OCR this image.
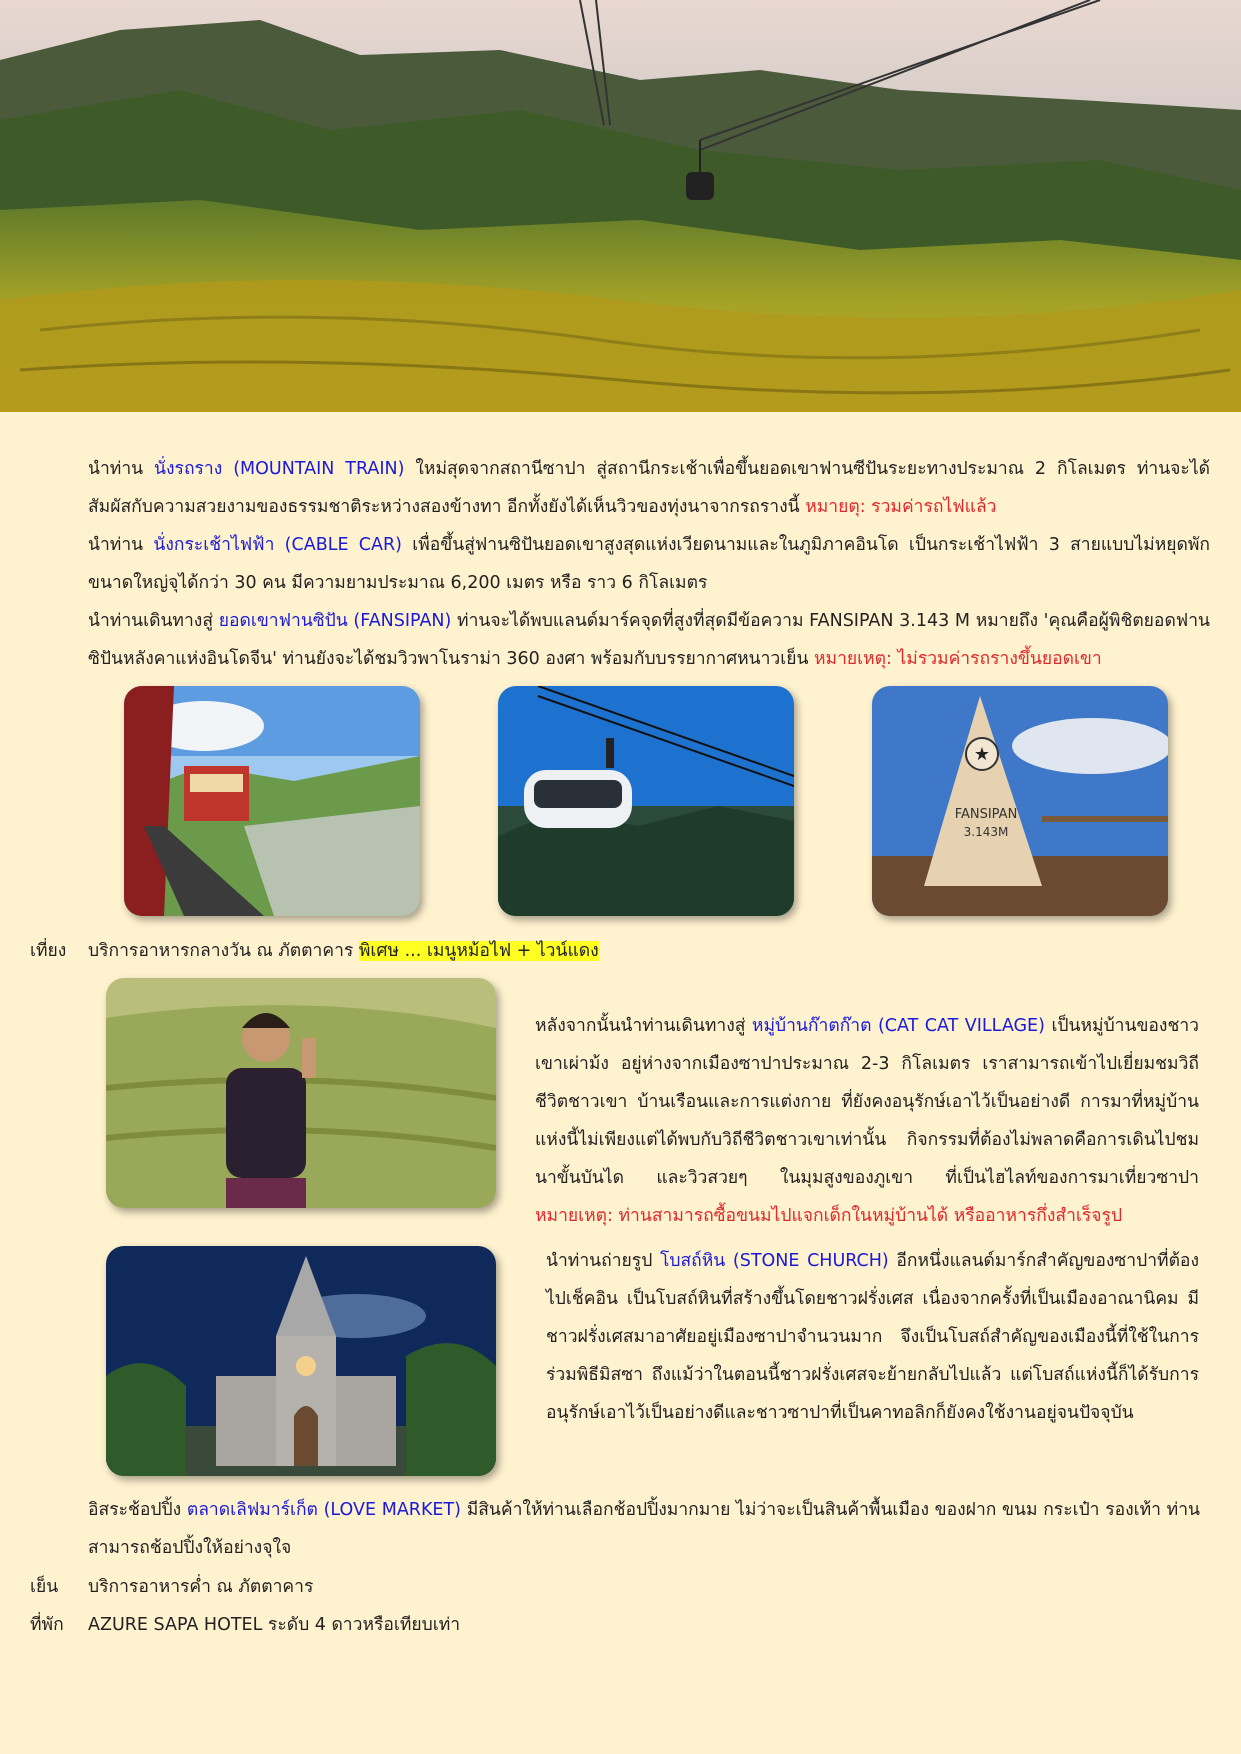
นำท่าน นั่งรถราง (MOUNTAIN TRAIN) ใหม่สุดจากสถานีซาปา สู่สถานีกระเช้าเพื่อขึ้นยอดเขาฟานซีปันระยะทางประมาณ 2 กิโลเมตร ท่านจะได้สัมผัสกับความสวยงามของธรรมชาติระหว่างสองข้างทา อีกทั้งยังได้เห็นวิวของทุ่งนาจากรถรางนี้ หมายตุ: รวมค่ารถไฟแล้ว
นำท่าน นั่งกระเช้าไฟฟ้า (CABLE CAR) เพื่อขึ้นสู่ฟานซิปันยอดเขาสูงสุดแห่งเวียดนามและในภูมิภาคอินโด เป็นกระเช้าไฟฟ้า 3 สายแบบไม่หยุดพักขนาดใหญ่จุได้กว่า 30 คน มีความยามประมาณ 6,200 เมตร หรือ ราว 6 กิโลเมตร
นำท่านเดินทางสู่ ยอดเขาฟานซิปัน (FANSIPAN) ท่านจะได้พบแลนด์มาร์คจุดที่สูงที่สุดมีข้อความ FANSIPAN 3.143 M หมายถึง 'คุณคือผู้พิชิตยอดฟานซิปันหลังคาแห่งอินโดจีน' ท่านยังจะได้ชมวิวพาโนราม่า 360 องศา พร้อมกับบรรยากาศหนาวเย็น หมายเหตุ: ไม่รวมค่ารถรางขึ้นยอดเขา
★
FANSIPAN
3.143M
เที่ยง บริการอาหารกลางวัน ณ ภัตตาคาร พิเศษ ... เมนูหม้อไฟ + ไวน์แดง
หลังจากนั้นนำท่านเดินทางสู่ หมู่บ้านก๊าตก๊าต (CAT CAT VILLAGE) เป็นหมู่บ้านของชาวเขาเผ่าม้ง อยู่ห่างจากเมืองซาปาประมาณ 2-3 กิโลเมตร เราสามารถเข้าไปเยี่ยมชมวิถีชีวิตชาวเขา บ้านเรือนและการแต่งกาย ที่ยังคงอนุรักษ์เอาไว้เป็นอย่างดี การมาที่หมู่บ้านแห่งนี้ไม่เพียงแต่ได้พบกับวิถีชีวิตชาวเขาเท่านั้น กิจกรรมที่ต้องไม่พลาดคือการเดินไปชมนาขั้นบันได และวิวสวยๆ ในมุมสูงของภูเขา ที่เป็นไฮไลท์ของการมาเที่ยวซาปา หมายเหตุ: ท่านสามารถซื้อขนมไปแจกเด็กในหมู่บ้านได้ หรืออาหารกึ่งสำเร็จรูป
นำท่านถ่ายรูป โบสถ์หิน (STONE CHURCH) อีกหนึ่งแลนด์มาร์กสำคัญของซาปาที่ต้องไปเช็คอิน เป็นโบสถ์หินที่สร้างขึ้นโดยชาวฝรั่งเศส เนื่องจากครั้งที่เป็นเมืองอาณานิคม มีชาวฝรั่งเศสมาอาศัยอยู่เมืองซาปาจำนวนมาก จึงเป็นโบสถ์สำคัญของเมืองนี้ที่ใช้ในการร่วมพิธีมิสซา ถึงแม้ว่าในตอนนี้ชาวฝรั่งเศสจะย้ายกลับไปแล้ว แต่โบสถ์แห่งนี้ก็ได้รับการอนุรักษ์เอาไว้เป็นอย่างดีและชาวซาปาที่เป็นคาทอลิกก็ยังคงใช้งานอยู่จนปัจจุบัน
อิสระช้อปปิ้ง ตลาดเลิฟมาร์เก็ต (LOVE MARKET) มีสินค้าให้ท่านเลือกช้อปปิ้งมากมาย ไม่ว่าจะเป็นสินค้าพื้นเมือง ของฝาก ขนม กระเป๋า รองเท้า ท่านสามารถช้อปปิ้งให้อย่างจุใจ
เย็น บริการอาหารค่ำ ณ ภัตตาคาร
ที่พัก AZURE SAPA HOTEL ระดับ 4 ดาวหรือเทียบเท่า
